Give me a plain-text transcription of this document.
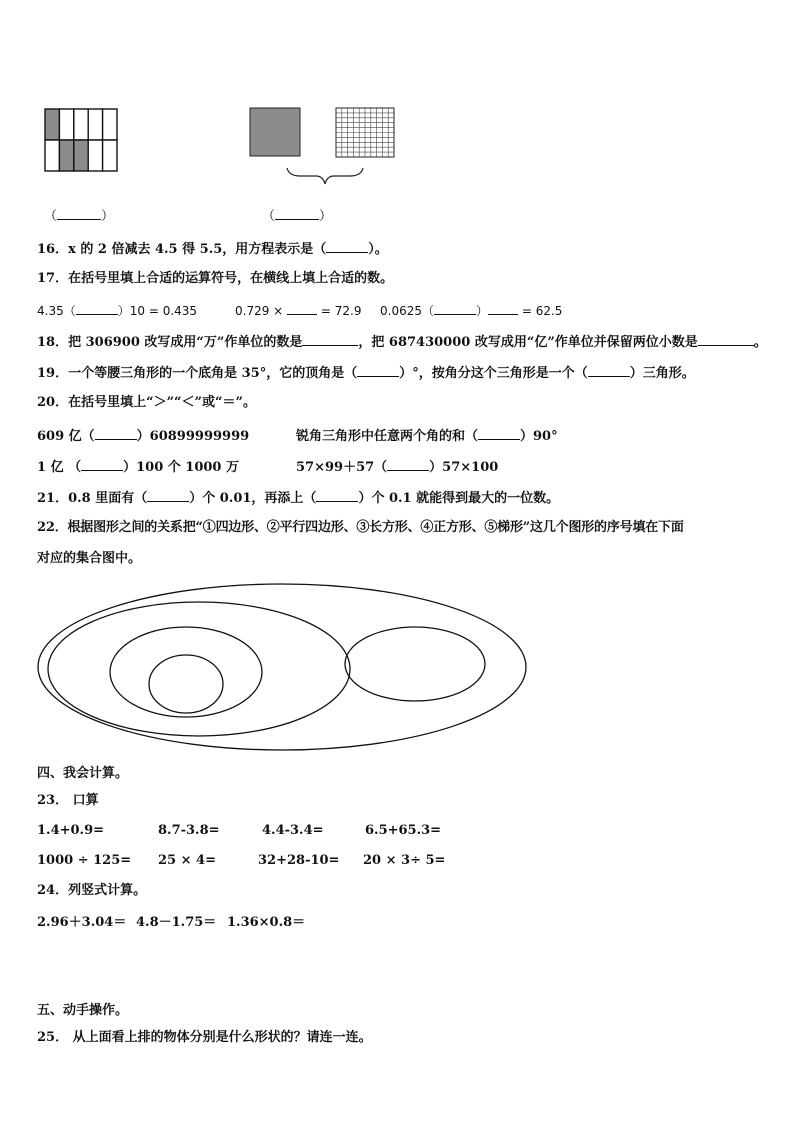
（	）	（	）
16．x 的 2 倍减去 4.5 得 5.5，用方程表示是（	）。
17．在括号里填上合适的运算符号，在横线上填上合适的数。
4.35（	）10 = 0.435	0.729 ×	= 72.9 0.0625（	）	= 62.5
18．把 306900 改写成用“万”作单位的数是	，把 687430000 改写成用“亿”作单位并保留两位小数是	。
19．一个等腰三角形的一个底角是 35°，它的顶角是（	）°，按角分这个三角形是一个（	）三角形。
20．在括号里填上“＞”“＜”或“＝”。
609 亿（	）60899999999	锐角三角形中任意两个角的和（	）90°
1 亿 （	）100 个 1000 万	57×99＋57（	）57×100
21．0.8 里面有（	）个 0.01，再添上（	）个 0.1 就能得到最大的一位数。
22．根据图形之间的关系把“①四边形、②平行四边形、③长方形、④正方形、⑤梯形”这几个图形的序号填在下面
对应的集合图中。
四、我会计算。
23． 口算
1.4+0.9=	8.7-3.8=	4.4-3.4=	6.5+65.3=
1000 ÷ 125= 25 × 4=	32+28-10= 20 × 3÷ 5=
24．列竖式计算。
2.96＋3.04＝ 4.8－1.75＝ 1.36×0.8＝
五、动手操作。
25． 从上面看上排的物体分别是什么形状的？请连一连。
